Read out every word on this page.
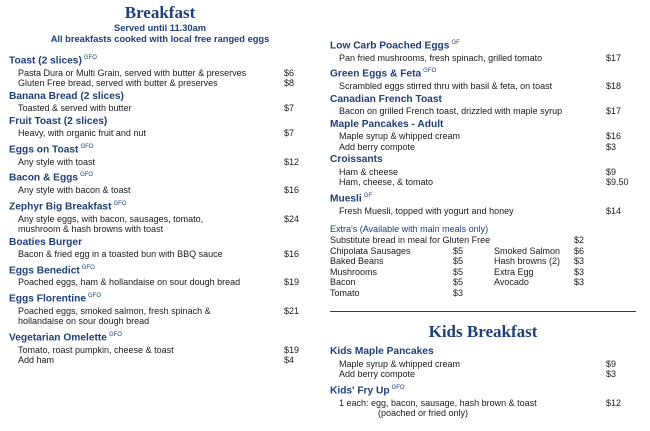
Breakfast
Served until 11.30am
All breakfasts cooked with local free ranged eggs
Toast (2 slices) $^{GFO}$
Pasta Dura or Multi Grain, served with butter & preserves	$6
Gluten Free bread, served with butter & preserves	$8
Banana Bread (2 slices)
Toasted & served with butter	$7
Fruit Toast (2 slices)
Heavy, with organic fruit and nut	$7
Eggs on Toast $^{GFO}$
Any style with toast	$12
Bacon & Eggs $^{GFO}$
Any style with bacon & toast	$16
Zephyr Big Breakfast $^{GFO}$
Any style eggs, with bacon, sausages, tomato,	$24
mushroom & hash browns with toast
Boaties Burger
Bacon & fried egg in a toasted bun with BBQ sauce	$16
Eggs Benedict $^{GFO}$
Poached eggs, ham & hollandaise on sour dough bread	$19
Eggs Florentine $^{GFO}$
Poached eggs, smoked salmon, fresh spinach &	$21
hollandaise on sour dough bread
Vegetarian Omelette $^{GFO}$
Tomato, roast pumpkin, cheese & toast	$19
Add ham	$4
Low Carb Poached Eggs $^{GF}$
Pan fried mushrooms, fresh spinach, grilled tomato	$17
Green Eggs & Feta $^{GFO}$
Scrambled eggs stirred thru with basil & feta, on toast	$18
Canadian French Toast
Bacon on grilled French toast, drizzled with maple syrup	$17
Maple Pancakes - Adult
Maple syrup & whipped cream	$16
Add berry compote	$3
Croissants
Ham & cheese	$9
Ham, cheese, & tomato	$9.50
Muesli $^{GF}$
Fresh Muesli, topped with yogurt and honey	$14
Extra's (Available with main meals only)
Substitute bread in meal for Gluten Free	$2
Chipolata Sausages	$5	Smoked Salmon $6
Baked Beans	$5	Hash browns (2) $3
Mushrooms	$5	Extra Egg	$3
Bacon	$5	Avocado	$3
Tomato	$3
Kids Breakfast
Kids Maple Pancakes
Maple syrup & whipped cream	$9
Add berry compote	$3
Kids' Fry Up $^{GFO}$
1 each: egg, bacon, sausage, hash brown & toast	$12
(poached or fried only)
